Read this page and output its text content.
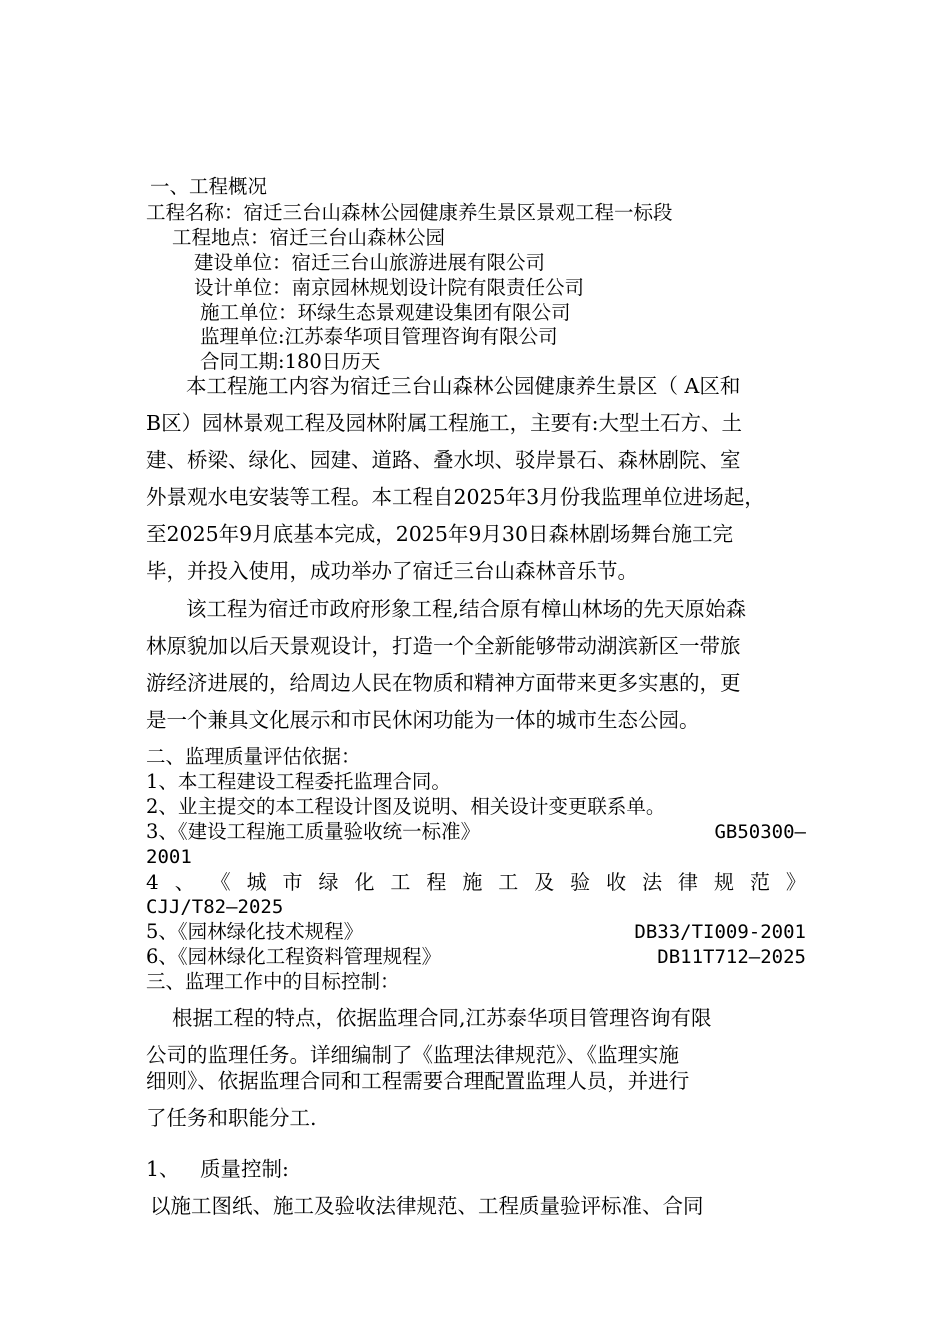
一、工程概况
工程名称：宿迁三台山森林公园健康养生景区景观工程一标段
工程地点：宿迁三台山森林公园
建设单位：宿迁三台山旅游进展有限公司
设计单位：南京园林规划设计院有限责任公司
施工单位：环绿生态景观建设集团有限公司
监理单位:江苏泰华项目管理咨询有限公司
合同工期:180日历天
本工程施工内容为宿迁三台山森林公园健康养生景区（ A区和
B区）园林景观工程及园林附属工程施工，主要有:大型土石方、土
建、桥梁、绿化、园建、道路、叠水坝、驳岸景石、森林剧院、室
外景观水电安装等工程。本工程自2025年3月份我监理单位进场起，
至2025年9月底基本完成，2025年9月30日森林剧场舞台施工完
毕，并投入使用，成功举办了宿迁三台山森林音乐节。
该工程为宿迁市政府形象工程,结合原有樟山林场的先天原始森
林原貌加以后天景观设计，打造一个全新能够带动湖滨新区一带旅
游经济进展的，给周边人民在物质和精神方面带来更多实惠的，更
是一个兼具文化展示和市民休闲功能为一体的城市生态公园。
二、监理质量评估依据：
1、本工程建设工程委托监理合同。
2、业主提交的本工程设计图及说明、相关设计变更联系单。
3、《建设工程施工质量验收统一标准》	GB50300—
2001
4 、 《 城 市 绿 化 工 程 施 工 及 验 收 法 律 规 范 》
CJJ/T82—2025
5、《园林绿化技术规程》	DB33/TI009-2001
6、《园林绿化工程资料管理规程》	DB11T712—2025
三、监理工作中的目标控制：
根据工程的特点，依据监理合同,江苏泰华项目管理咨询有限
公司的监理任务。详细编制了《监理法律规范》、《监理实施
细则》、依据监理合同和工程需要合理配置监理人员，并进行
了任务和职能分工.
1、 质量控制:
以施工图纸、施工及验收法律规范、工程质量验评标准、合同
